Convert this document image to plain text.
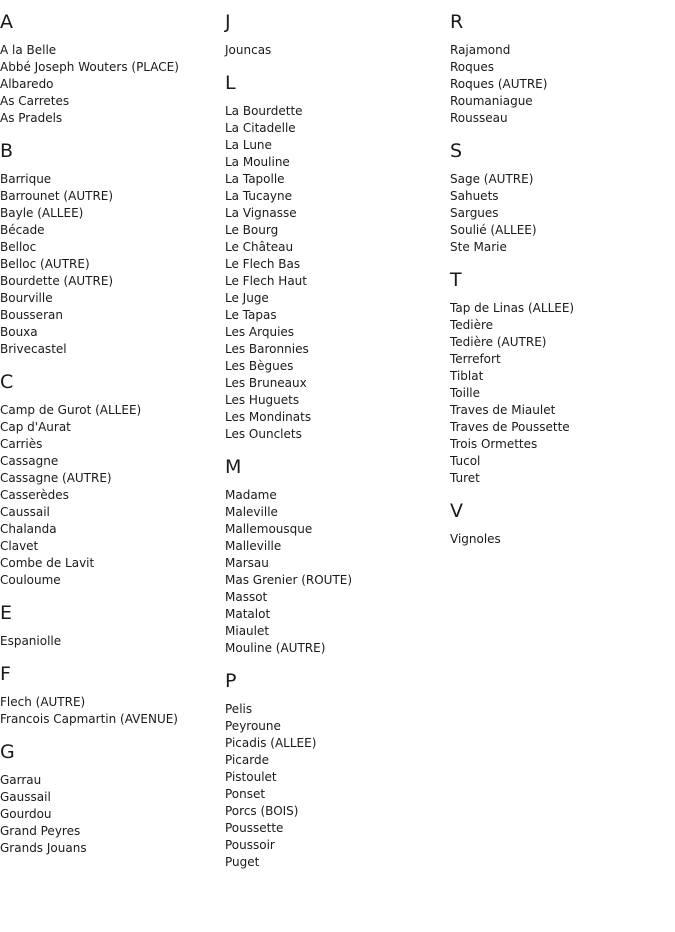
A
A la Belle
Abbé Joseph Wouters (PLACE)
Albaredo
As Carretes
As Pradels
B
Barrique
Barrounet (AUTRE)
Bayle (ALLEE)
Bécade
Belloc
Belloc (AUTRE)
Bourdette (AUTRE)
Bourville
Bousseran
Bouxa
Brivecastel
C
Camp de Gurot (ALLEE)
Cap d'Aurat
Carriès
Cassagne
Cassagne (AUTRE)
Casserèdes
Caussail
Chalanda
Clavet
Combe de Lavit
Couloume
E
Espaniolle
F
Flech (AUTRE)
Francois Capmartin (AVENUE)
G
Garrau
Gaussail
Gourdou
Grand Peyres
Grands Jouans
J
Jouncas
L
La Bourdette
La Citadelle
La Lune
La Mouline
La Tapolle
La Tucayne
La Vignasse
Le Bourg
Le Château
Le Flech Bas
Le Flech Haut
Le Juge
Le Tapas
Les Arquies
Les Baronnies
Les Bègues
Les Bruneaux
Les Huguets
Les Mondinats
Les Ounclets
M
Madame
Maleville
Mallemousque
Malleville
Marsau
Mas Grenier (ROUTE)
Massot
Matalot
Miaulet
Mouline (AUTRE)
P
Pelis
Peyroune
Picadis (ALLEE)
Picarde
Pistoulet
Ponset
Porcs (BOIS)
Poussette
Poussoir
Puget
R
Rajamond
Roques
Roques (AUTRE)
Roumaniague
Rousseau
S
Sage (AUTRE)
Sahuets
Sargues
Soulié (ALLEE)
Ste Marie
T
Tap de Linas (ALLEE)
Tedière
Tedière (AUTRE)
Terrefort
Tiblat
Toille
Traves de Miaulet
Traves de Poussette
Trois Ormettes
Tucol
Turet
V
Vignoles
